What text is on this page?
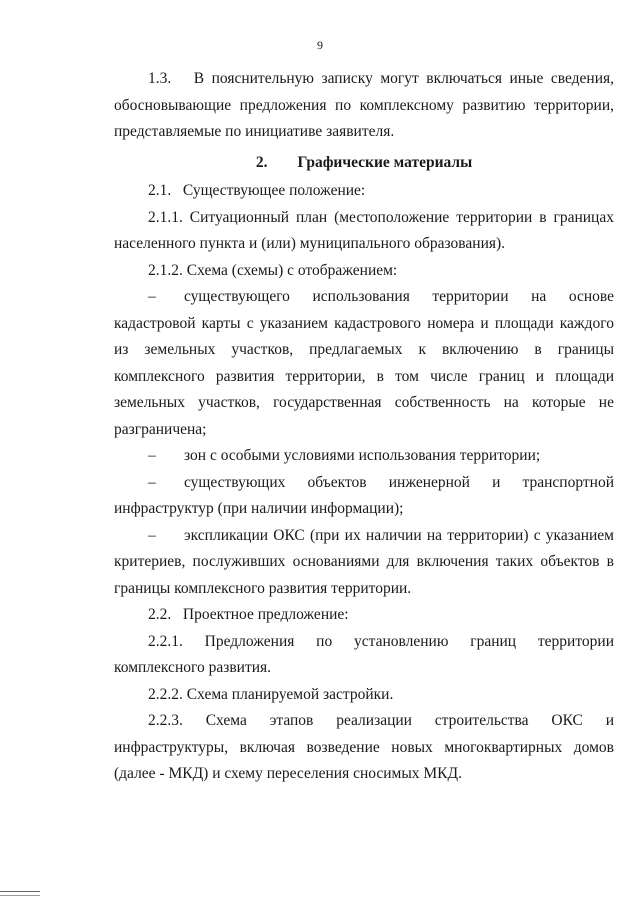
9

1.3.   В пояснительную записку могут включаться иные сведения, обосновывающие предложения по комплексному развитию территории, представляемые по инициативе заявителя.

2. Графические материалы

2.1.   Существующее положение:

2.1.1. Ситуационный план (местоположение территории в границах населенного пункта и (или) муниципального образования).

2.1.2. Схема (схемы) с отображением:

– существующего использования территории на основе кадастровой карты с указанием кадастрового номера и площади каждого из земельных участков, предлагаемых к включению в границы комплексного развития территории, в том числе границ и площади земельных участков, государственная собственность на которые не разграничена;

– зон с особыми условиями использования территории;

– существующих объектов инженерной и транспортной инфраструктур (при наличии информации);

– экспликации ОКС (при их наличии на территории) с указанием критериев, послуживших основаниями для включения таких объектов в границы комплексного развития территории.

2.2.   Проектное предложение:

2.2.1. Предложения по установлению границ территории комплексного развития.

2.2.2. Схема планируемой застройки.

2.2.3. Схема этапов реализации строительства ОКС и инфраструктуры, включая возведение новых многоквартирных домов (далее - МКД) и схему переселения сносимых МКД.
